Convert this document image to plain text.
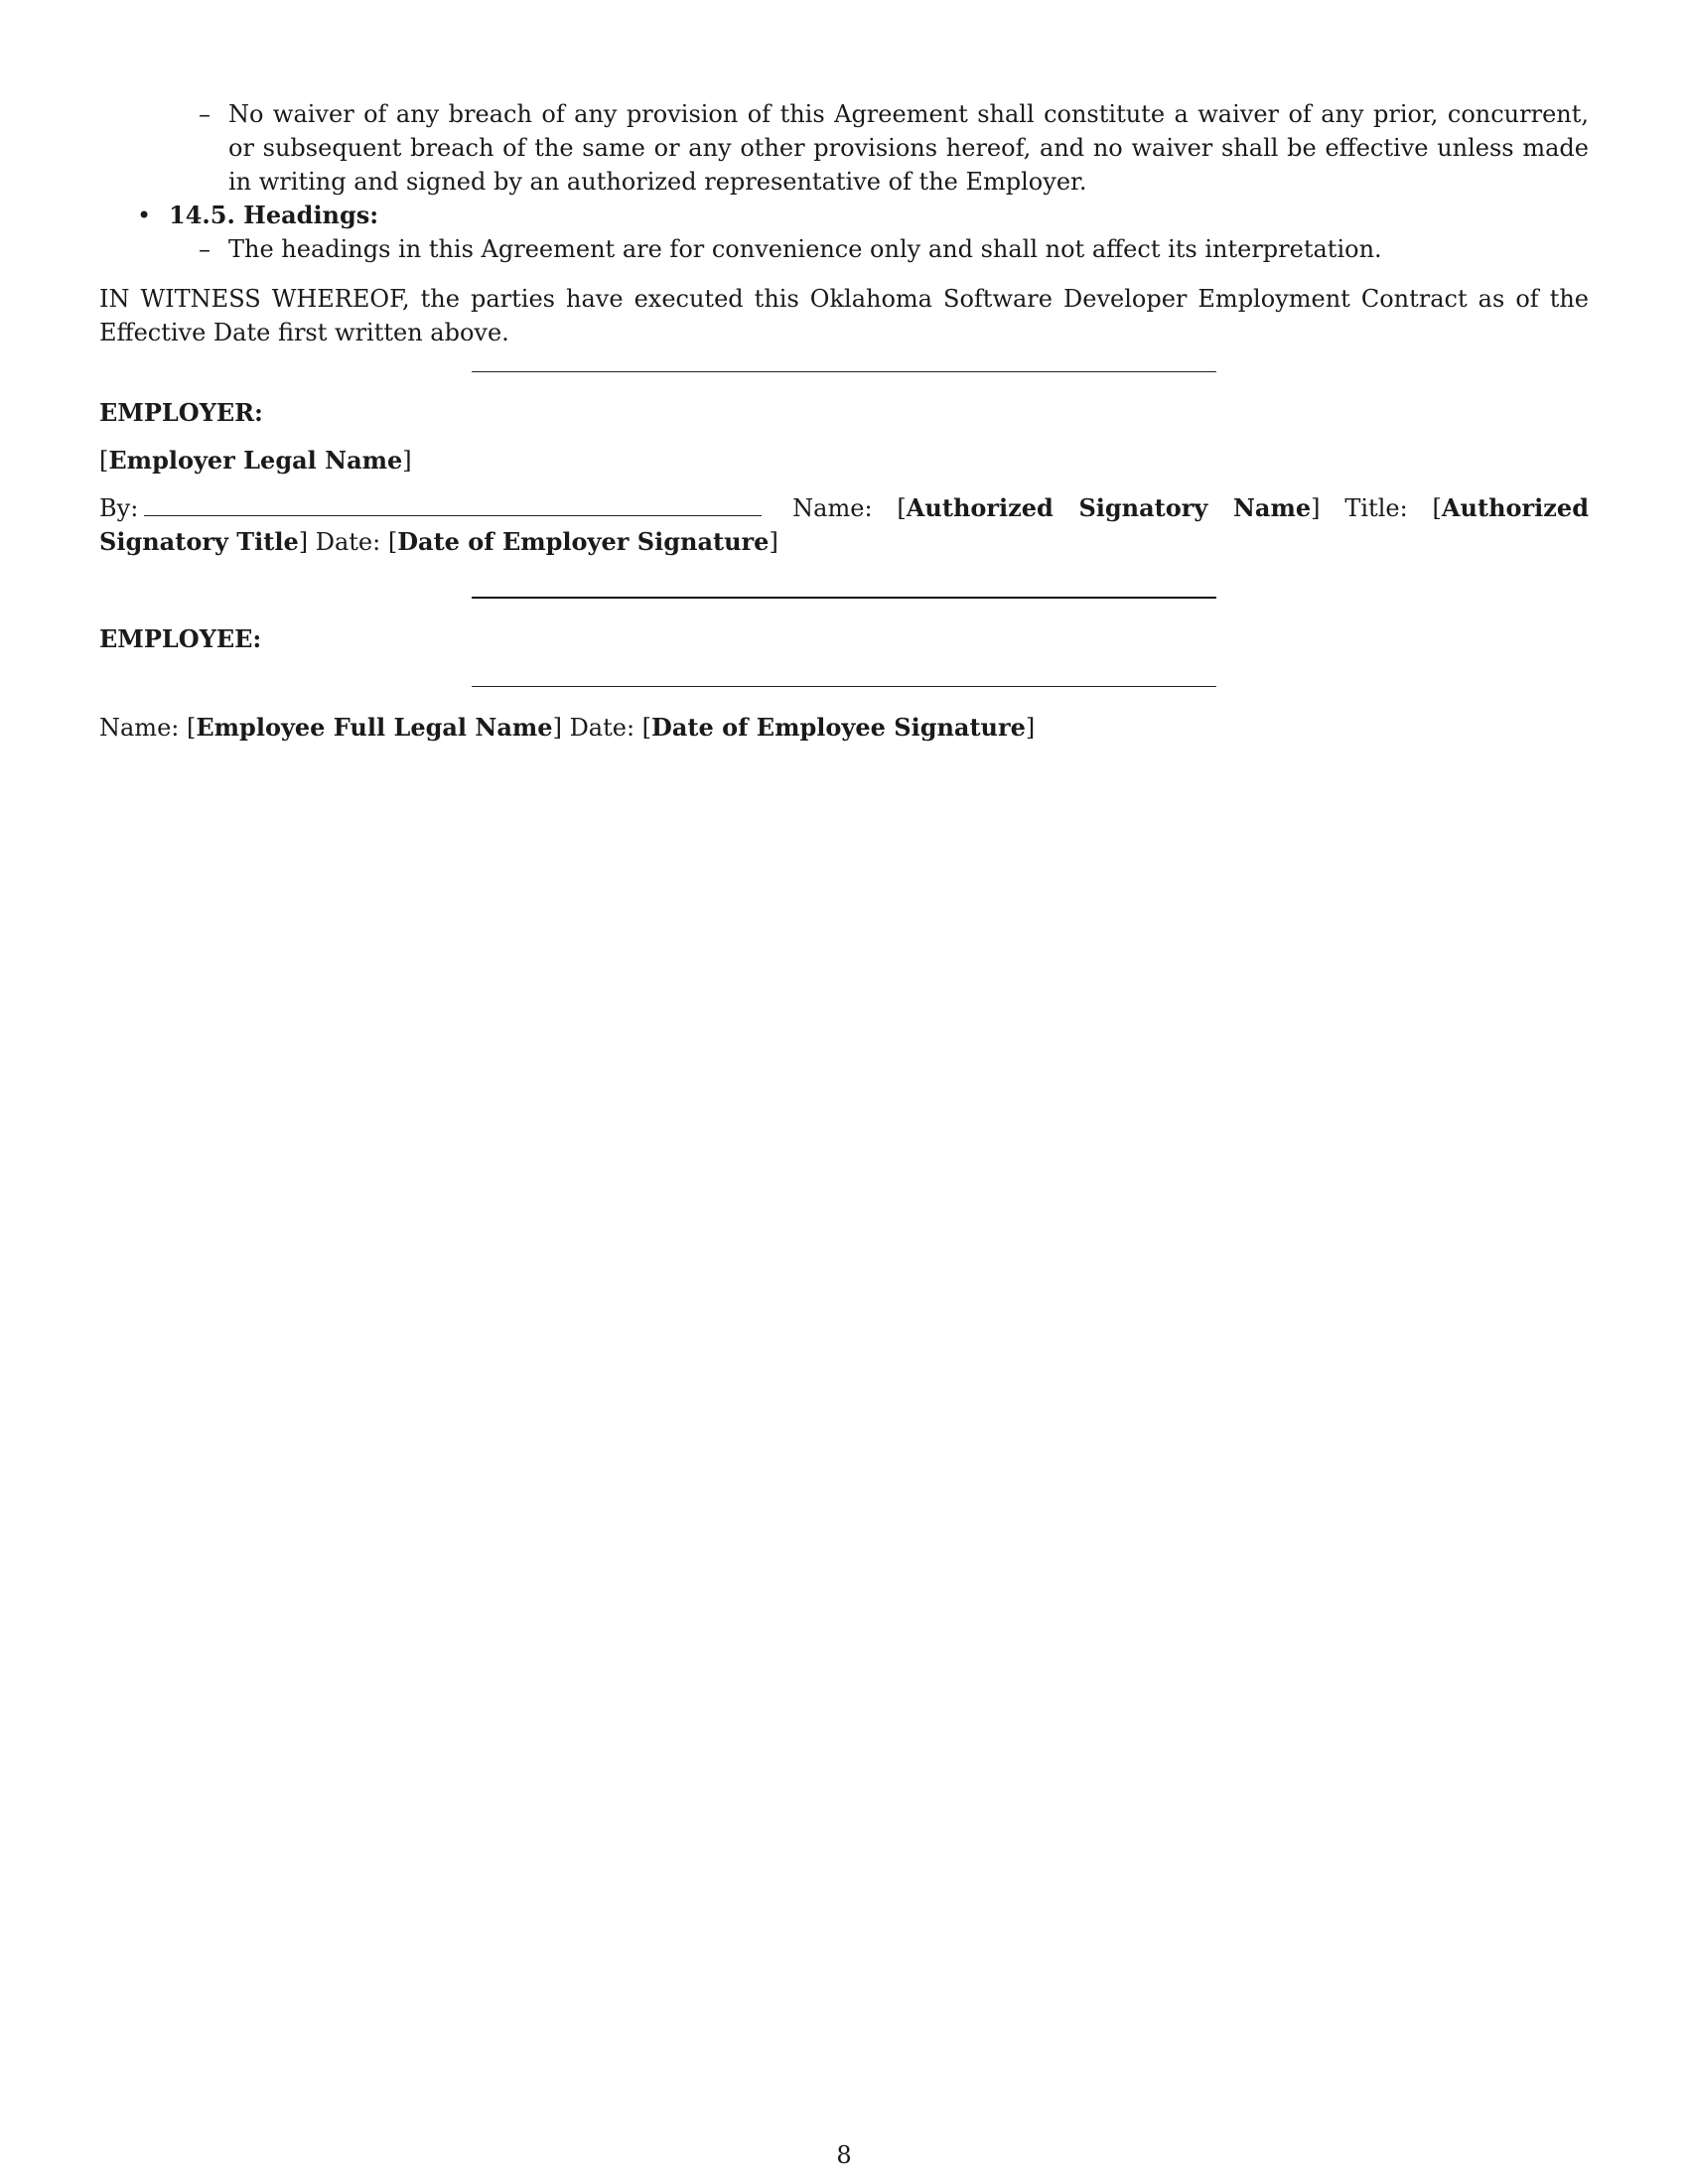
– No waiver of any breach of any provision of this Agreement shall constitute a waiver of any prior, concurrent, or subsequent breach of the same or any other provisions hereof, and no waiver shall be effective unless made in writing and signed by an authorized representative of the Employer.
• 14.5. Headings:
– The headings in this Agreement are for convenience only and shall not affect its interpretation.
IN WITNESS WHEREOF, the parties have executed this Oklahoma Software Developer Employment Contract as of the Effective Date first written above.
EMPLOYER:
[Employer Legal Name]
By:	Name: [Authorized Signatory Name] Title: [Authorized Signatory Title] Date: [Date of Employer Signature]
EMPLOYEE:
Name: [Employee Full Legal Name] Date: [Date of Employee Signature]
8
